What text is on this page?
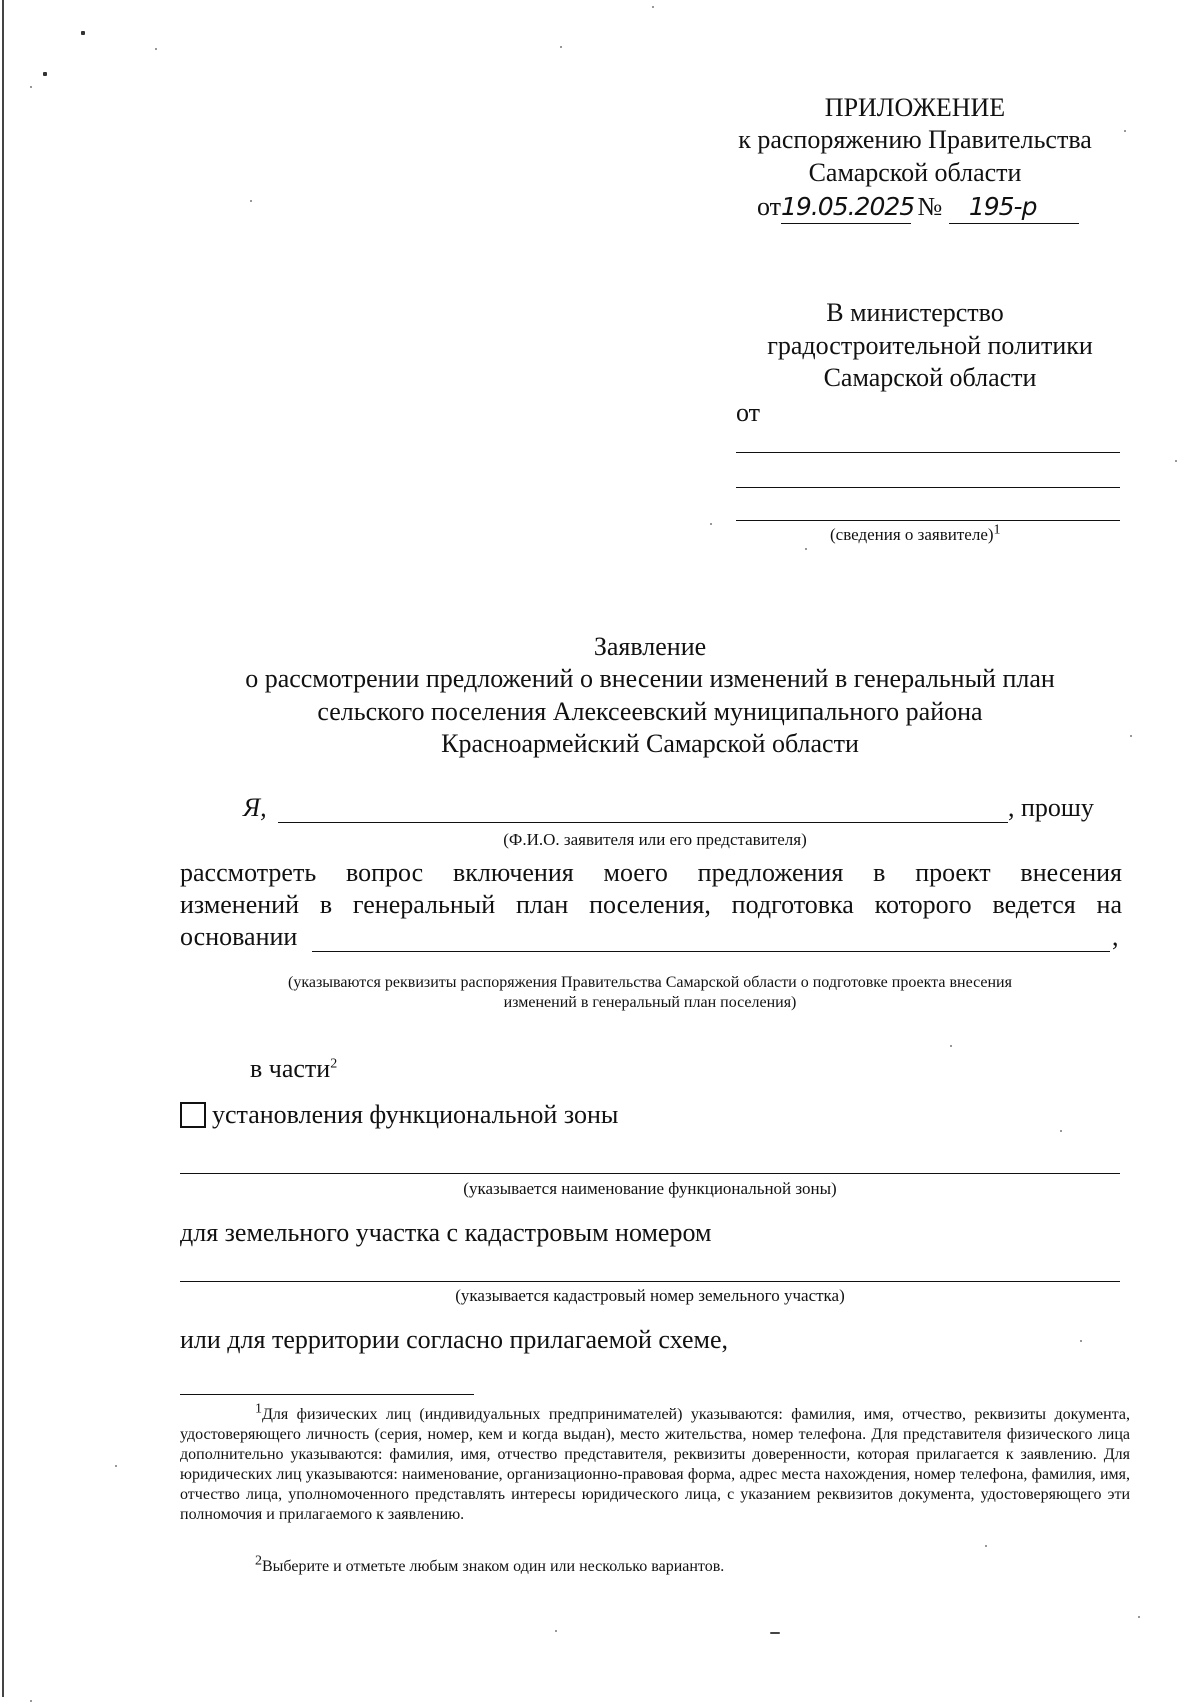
ПРИЛОЖЕНИЕ
к распоряжению Правительства
Самарской области
от19.05.2025 № 195-р
В министерство
градостроительной политики
Самарской области
от
(сведения о заявителе)$^1$
Заявление
о рассмотрении предложений о внесении изменений в генеральный план
сельского поселения Алексеевский муниципального района
Красноармейский Самарской области
Я,	, прошу
(Ф.И.О. заявителя или его представителя)
рассмотреть вопрос включения моего предложения в проект внесения
изменений в генеральный план поселения, подготовка которого ведется на
основании	,
(указываются реквизиты распоряжения Правительства Самарской области о подготовке проекта внесения
изменений в генеральный план поселения)
в части$^2$
установления функциональной зоны
(указывается наименование функциональной зоны)
для земельного участка с кадастровым номером
(указывается кадастровый номер земельного участка)
или для территории согласно прилагаемой схеме,
$^1$Для физических лиц (индивидуальных предпринимателей) указываются: фамилия, имя, отчество, реквизиты документа, удостоверяющего личность (серия, номер, кем и когда выдан), место жительства, номер телефона. Для представителя физического лица дополнительно указываются: фамилия, имя, отчество представителя, реквизиты доверенности, которая прилагается к заявлению. Для юридических лиц указываются: наименование, организационно-правовая форма, адрес места нахождения, номер телефона, фамилия, имя, отчество лица, уполномоченного представлять интересы юридического лица, с указанием реквизитов документа, удостоверяющего эти полномочия и прилагаемого к заявлению.
$^2$Выберите и отметьте любым знаком один или несколько вариантов.
